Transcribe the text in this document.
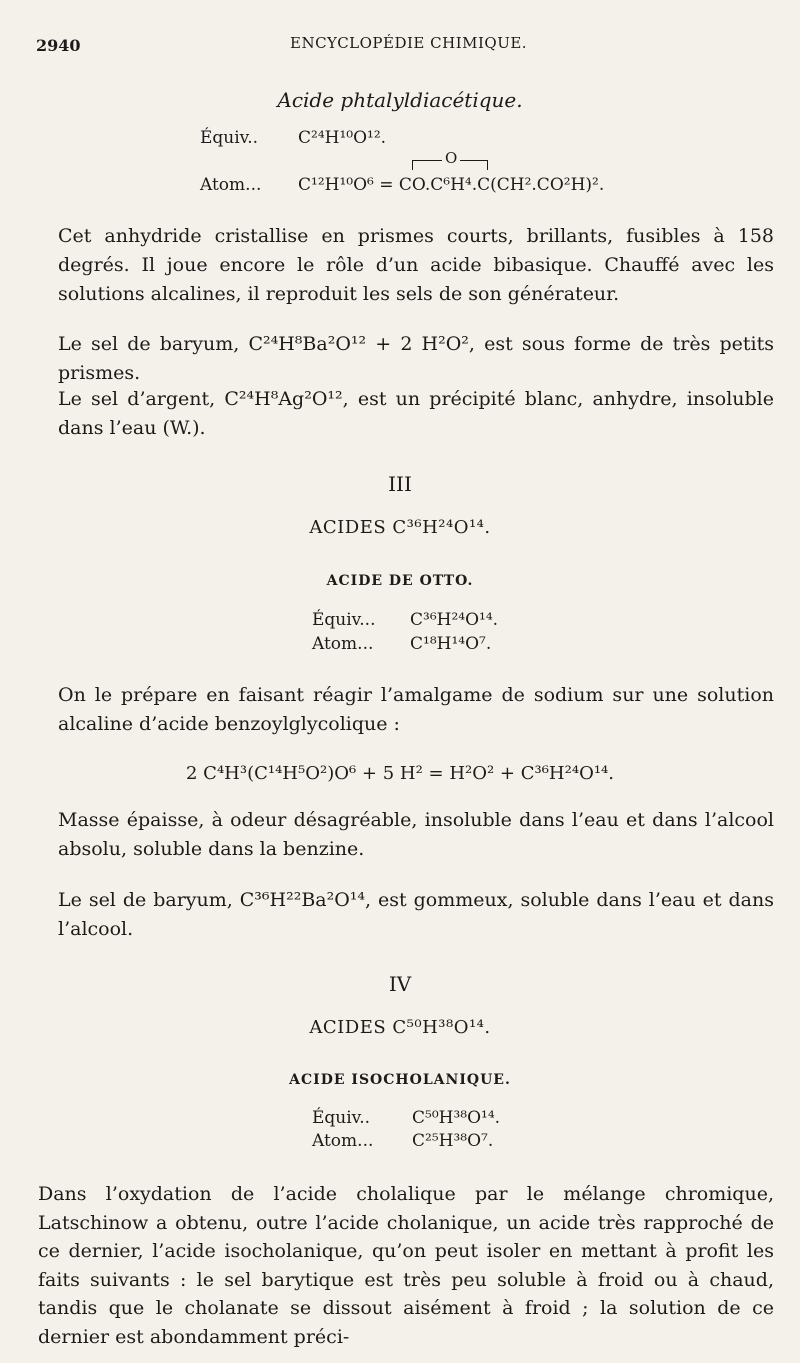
2940	ENCYCLOPÉDIE CHIMIQUE.
Acide phtalyldiacétique.
Équiv.. C²⁴H¹⁰O¹².
O
Atom... C¹²H¹⁰O⁶ = CO.C⁶H⁴.C(CH².CO²H)².
Cet anhydride cristallise en prismes courts, brillants, fusibles à 158 degrés. Il joue encore le rôle d’un acide bibasique. Chauffé avec les solutions alcalines, il reproduit les sels de son générateur.
Le sel de baryum, C²⁴H⁸Ba²O¹² + 2 H²O², est sous forme de très petits prismes.
Le sel d’argent, C²⁴H⁸Ag²O¹², est un précipité blanc, anhydre, insoluble dans l’eau (W.).
III
ACIDES C³⁶H²⁴O¹⁴.
ACIDE DE OTTO.
Équiv... C³⁶H²⁴O¹⁴.
Atom... C¹⁸H¹⁴O⁷.
On le prépare en faisant réagir l’amalgame de sodium sur une solution alcaline d’acide benzoylglycolique :
2 C⁴H³(C¹⁴H⁵O²)O⁶ + 5 H² = H²O² + C³⁶H²⁴O¹⁴.
Masse épaisse, à odeur désagréable, insoluble dans l’eau et dans l’alcool absolu, soluble dans la benzine.
Le sel de baryum, C³⁶H²²Ba²O¹⁴, est gommeux, soluble dans l’eau et dans l’alcool.
IV
ACIDES C⁵⁰H³⁸O¹⁴.
ACIDE ISOCHOLANIQUE.
Équiv.. C⁵⁰H³⁸O¹⁴.
Atom... C²⁵H³⁸O⁷.
Dans l’oxydation de l’acide cholalique par le mélange chromique, Latschinow a obtenu, outre l’acide cholanique, un acide très rapproché de ce dernier, l’acide isocholanique, qu’on peut isoler en mettant à profit les faits suivants : le sel barytique est très peu soluble à froid ou à chaud, tandis que le cholanate se dissout aisément à froid ; la solution de ce dernier est abondamment préci-
